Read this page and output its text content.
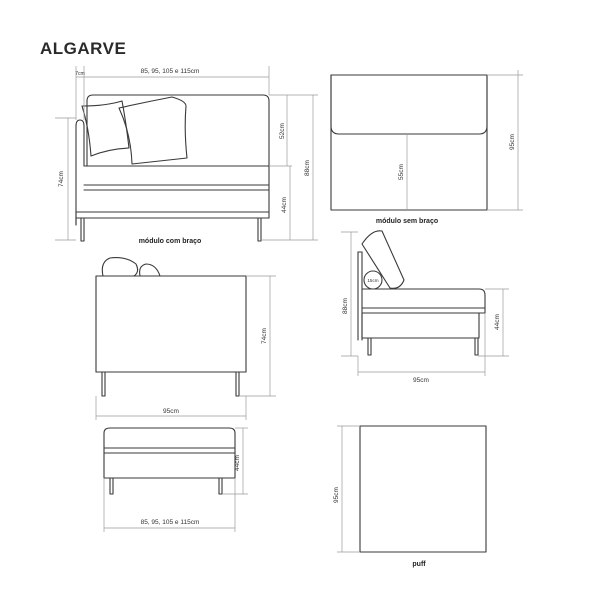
ALGARVE
85, 95, 105 e 115cm
7cm
74cm
52cm
88cm
44cm
módulo com braço
95cm
55cm
módulo sem braço
74cm
95cm
88cm
44cm
95cm
15cm
44cm
85, 95, 105 e 115cm
95cm
puff
